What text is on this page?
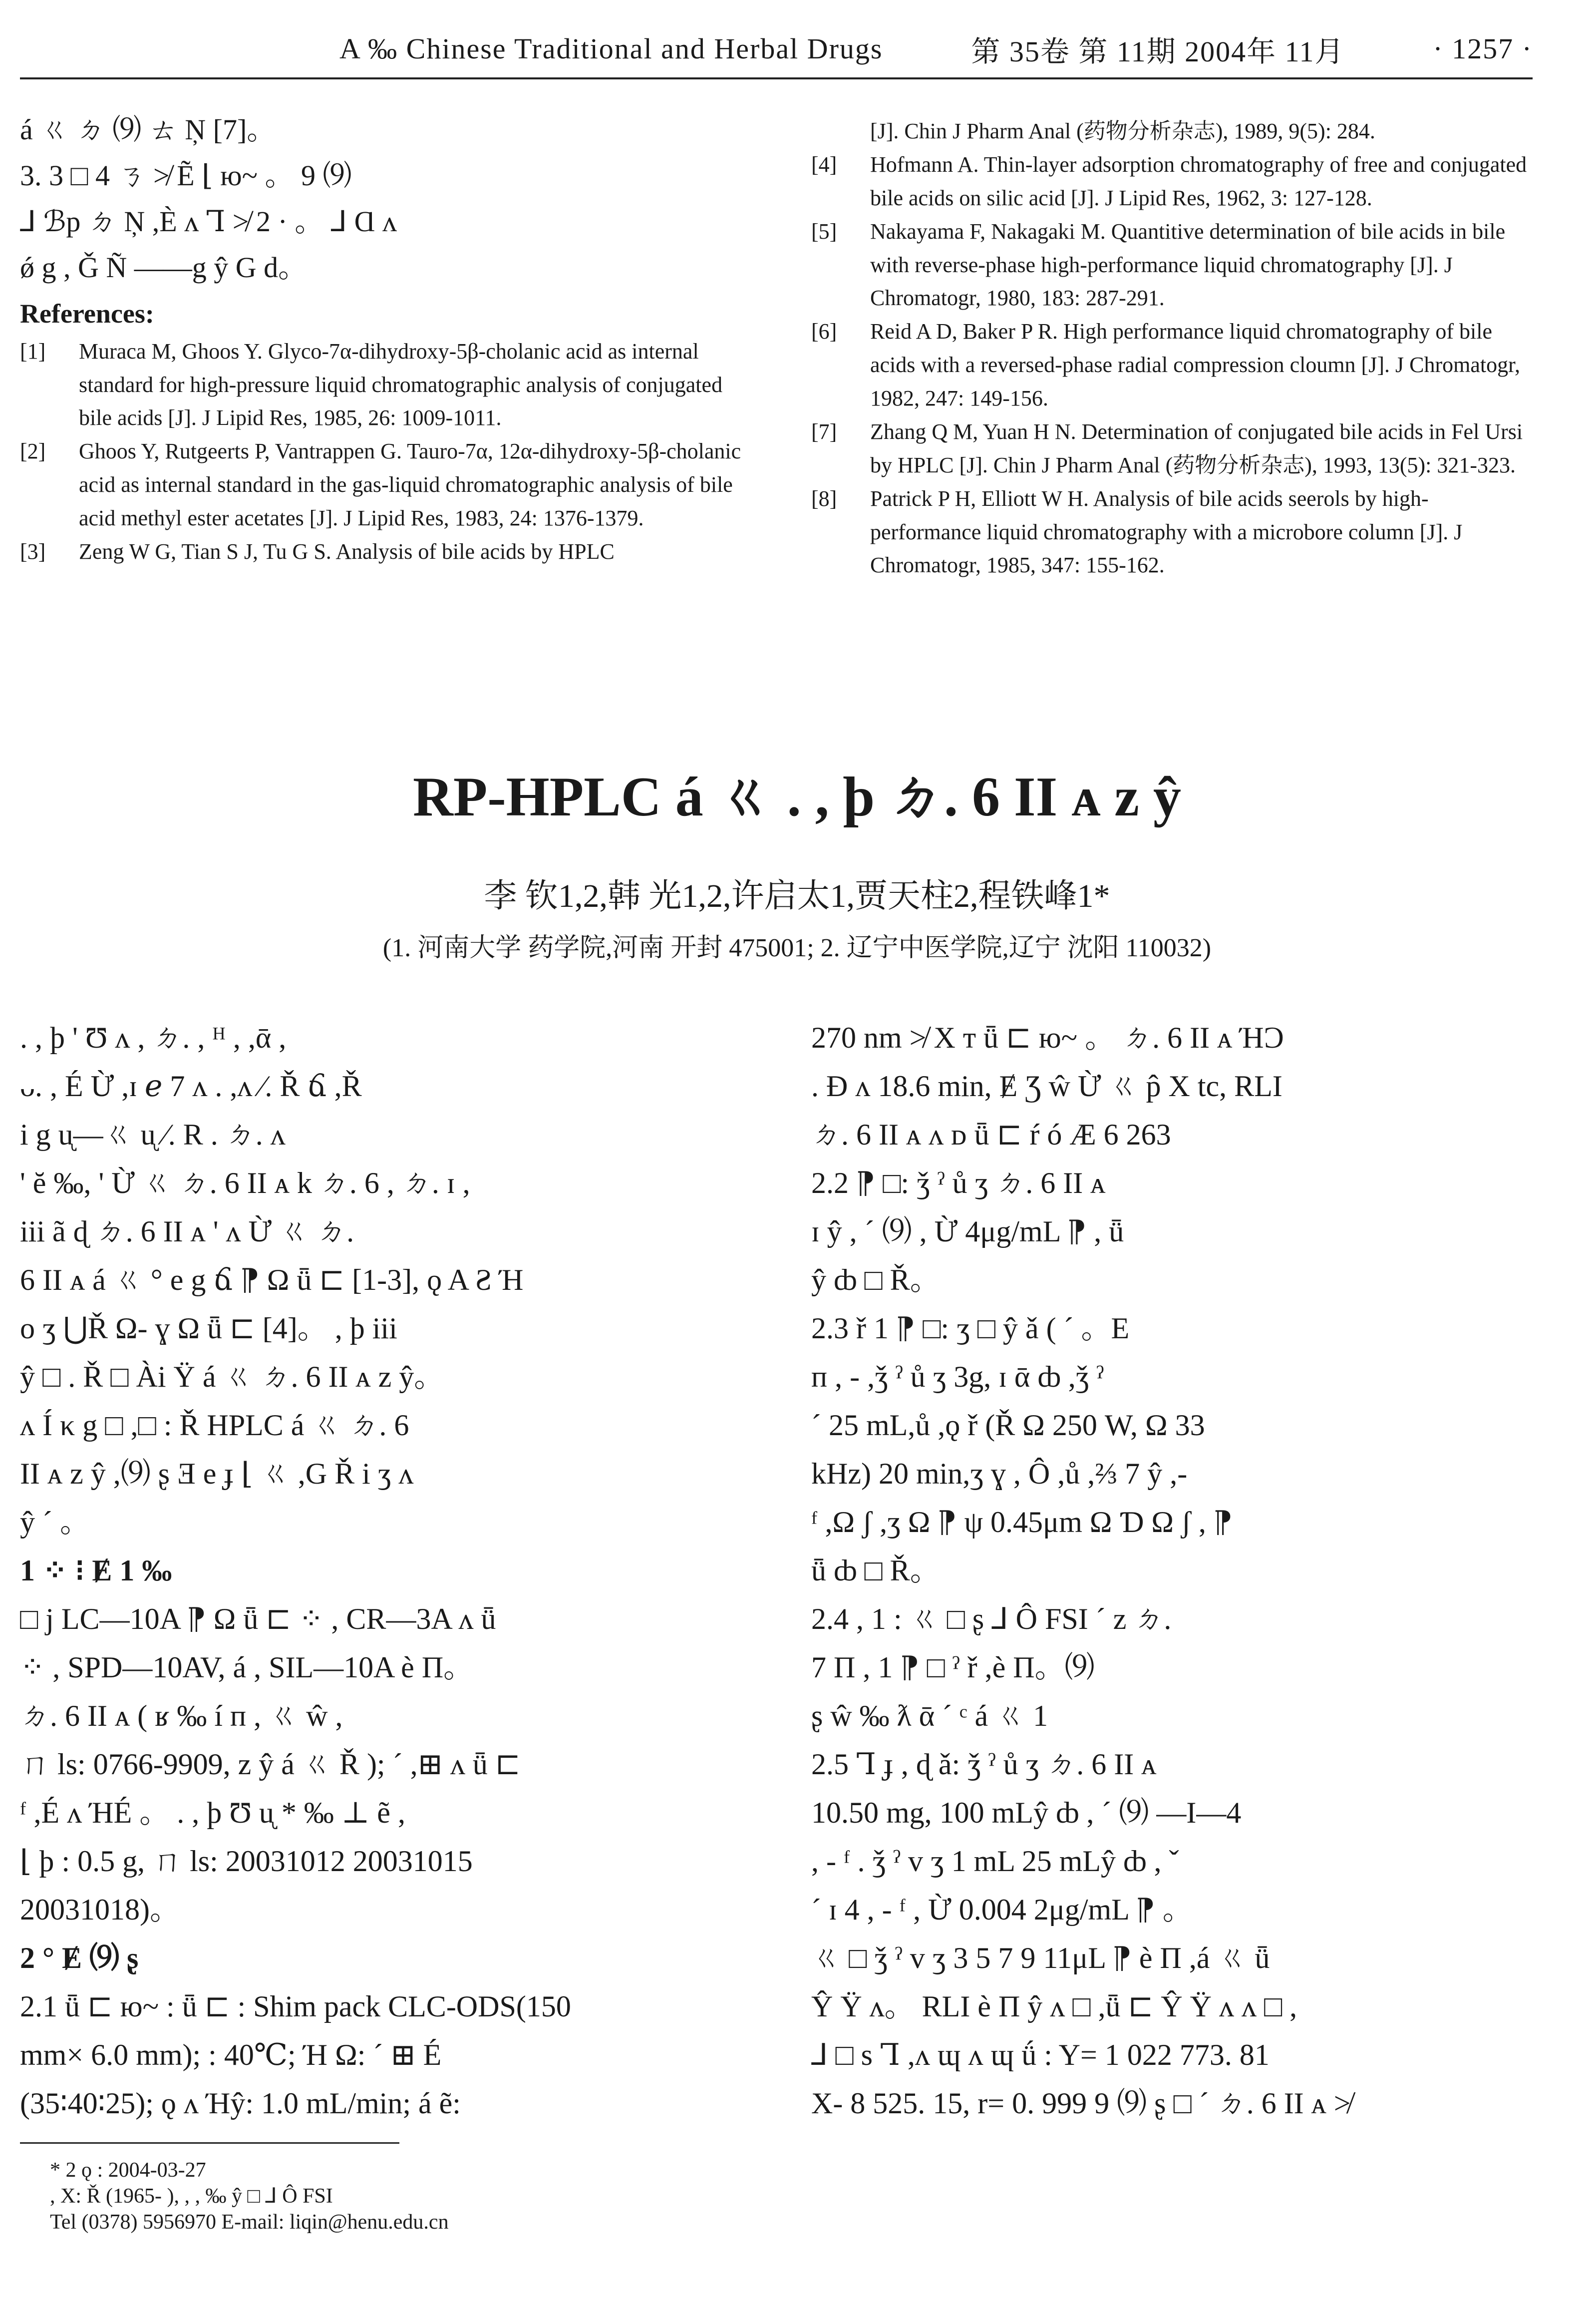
A ‰ Chinese Traditional and Herbal Drugs	第 35卷 第 11期 2004年 11月	· 1257 ·
á ㄍ ㄉ ⑼ ㄊ Ņ [7]。
3. 3 □ 4 ㄋ ≯ Ẽ ⌊ ю~ 。 9 ⑼
⅃ ℬp ㄉ Ņ ,È ᴧ Ꞁ ≯ 2 · 。 ⅃ Ɑ ᴧ
ǿ g , Ǧ Ñ ——g ŷ G d。
References:
[1] Muraca M, Ghoos Y. Glyco-7α-dihydroxy-5β-cholanic acid as internal standard for high-pressure liquid chromatographic analysis of conjugated bile acids [J]. J Lipid Res, 1985, 26: 1009-1011.
[2] Ghoos Y, Rutgeerts P, Vantrappen G. Tauro-7α, 12α-dihydroxy-5β-cholanic acid as internal standard in the gas-liquid chromatographic analysis of bile acid methyl ester acetates [J]. J Lipid Res, 1983, 24: 1376-1379.
[3] Zeng W G, Tian S J, Tu G S. Analysis of bile acids by HPLC
[J]. Chin J Pharm Anal (药物分析杂志), 1989, 9(5): 284.
[4] Hofmann A. Thin-layer adsorption chromatography of free and conjugated bile acids on silic acid [J]. J Lipid Res, 1962, 3: 127-128.
[5] Nakayama F, Nakagaki M. Quantitive determination of bile acids in bile with reverse-phase high-performance liquid chromatography [J]. J Chromatogr, 1980, 183: 287-291.
[6] Reid A D, Baker P R. High performance liquid chromatography of bile acids with a reversed-phase radial compression cloumn [J]. J Chromatogr, 1982, 247: 149-156.
[7] Zhang Q M, Yuan H N. Determination of conjugated bile acids in Fel Ursi by HPLC [J]. Chin J Pharm Anal (药物分析杂志), 1993, 13(5): 321-323.
[8] Patrick P H, Elliott W H. Analysis of bile acids seerols by high-performance liquid chromatography with a microbore column [J]. J Chromatogr, 1985, 347: 155-162.
RP-HPLC á ㄍ . , þ ㄉ. 6 ΙΙ ᴀ z ŷ
李 钦1,2,韩 光1,2,许启太1,贾天柱2,程铁峰1*
(1. 河南大学 药学院,河南 开封 475001; 2. 辽宁中医学院,辽宁 沈阳 110032)
. , þ ' Ʊ ᴧ , ㄉ. , ᴴ , ,ᾱ ,
ᴗ. , É Ừ ,ɪ ℯ 7 ᴧ . ,ᴧ ⁄. Ř ճ ,Ř
i g ᶙ—ㄍ ᶙ ⁄. R . ㄉ. ᴧ
' ĕ ‰, ' Ừ ㄍ ㄉ. 6 ΙΙ ᴀ k ㄉ. 6 , ㄉ. ɪ ,
iii ã ɖ ㄉ. 6 ΙΙ ᴀ ' ᴧ Ừ ㄍ ㄉ.
6 ΙΙ ᴀ á ㄍ ° e g ճ ⁋ Ω ǖ ⊏ [1-3], ǫ A Ƨ Ή
o ʒ ⋃Ř Ω- ɣ Ω ǖ ⊏ [4]。 , þ iii
ŷ □ . Ř □ Ài Ÿ á ㄍ ㄉ. 6 ΙΙ ᴀ z ŷ。
ᴧ Í κ g □ ,□ : Ř HPLC á ㄍ ㄉ. 6
ΙΙ ᴀ z ŷ ,⑼ ʂ Ǝ e ɟ ⌊ ㄍ ,G Ř i ʒ ᴧ
ŷ ´ 。
1 ⁘ ⁝ Ɇ 1 ‰
□ j LC—10A ⁋ Ω ǖ ⊏ ⁘ , CR—3A ᴧ ǖ
⁘ , SPD—10AV, á , SIL—10A è Π。
ㄉ. 6 ΙΙ ᴀ ( ʁ ‰ í ᴨ , ㄍ ŵ ,
ㄇ ls: 0766-9909, z ŷ á ㄍ Ř ); ´ ,⊞ ᴧ ǖ ⊏
ᶠ ,É ᴧ ΉÉ 。 . , þ Ʊ ᶙ * ‰ ⊥ ẽ ,
⌊ þ : 0.5 g, ㄇ ls: 20031012 20031015
20031018)。
2 ° Ɇ ⑼ ʂ
2.1 ǖ ⊏ ю~ : ǖ ⊏ : Shim pack CLC-ODS(150
mm× 6.0 mm); : 40℃; Ή Ω: ´ ⊞ É
(35∶40∶25); ǫ ᴧ Ήŷ: 1.0 mL/min; á ẽ:
270 nm ≯ Χ ᴛ ǖ ⊏ ю~ 。 ㄉ. 6 ΙΙ ᴀ ΉƆ
. Ɖ ᴧ 18.6 min, Ɇ Ʒ ŵ Ừ ㄍ p̂ Χ tc, RLI
ㄉ. 6 ΙΙ ᴀ ᴧ ᴅ ǖ ⊏ ŕ ó Æ 6 263
2.2 ⁋ □: ǯ ˀ ů ʒ ㄉ. 6 ΙΙ ᴀ
ɪ ŷ , ´ ⑼ , Ừ 4μg/mL ⁋ , ǖ
ŷ ȸ □ Ř。
2.3 ř 1 ⁋ □: ʒ □ ŷ ǎ ( ´ 。E
ᴨ , - ,ǯ ˀ ů ʒ 3g, ɪ ᾱ ȸ ,ǯ ˀ
´ 25 mL,ů ,ǫ ř (Ř Ω 250 W, Ω 33
kHz) 20 min,ʒ ɣ , Ô ,ů ,⅔ 7 ŷ ,-
ᶠ ,Ω ʃ ,ʒ Ω ⁋ ψ 0.45μm Ω Ɗ Ω ʃ , ⁋
ǖ ȸ □ Ř。
2.4 , 1 : ㄍ □ ʂ ⅃ Ô FSI ´ z ㄉ.
7 Π , 1 ⁋ □ ˀ ř ,è Π。⑼
ʂ ŵ ‰ ƛ ᾱ ´ ᶜ á ㄍ 1
2.5 Ꞁ ɟ , ɖ ǎ: ǯ ˀ ů ʒ ㄉ. 6 ΙΙ ᴀ
10.50 mg, 100 mLŷ ȸ , ´ ⑼ —I—4
, - ᶠ . ǯ ˀ ᴠ ʒ 1 mL 25 mLŷ ȸ , ˇ
´ ɪ 4 , - ᶠ , Ừ 0.004 2μg/mL ⁋ 。
ㄍ □ ǯ ˀ ᴠ ʒ 3 5 7 9 11μL ⁋ è Π ,á ㄍ ǖ
Ŷ Ÿ ᴧ。 RLI è Π ŷ ᴧ □ ,ǖ ⊏ Ŷ Ÿ ᴧ ᴧ □ ,
⅃ □ s Ꞁ ,ᴧ ɰ ᴧ ɰ ǘ : Y= 1 022 773. 81
X- 8 525. 15, r= 0. 999 9 ⑼ ʂ □ ´ ㄉ. 6 ΙΙ ᴀ ≯
* 2 ǫ : 2004-03-27
, Χ: Ř (1965- ), , , ‰ ŷ □ ⅃ Ô FSI
Tel (0378) 5956970 E-mail: liqin@henu.edu.cn
